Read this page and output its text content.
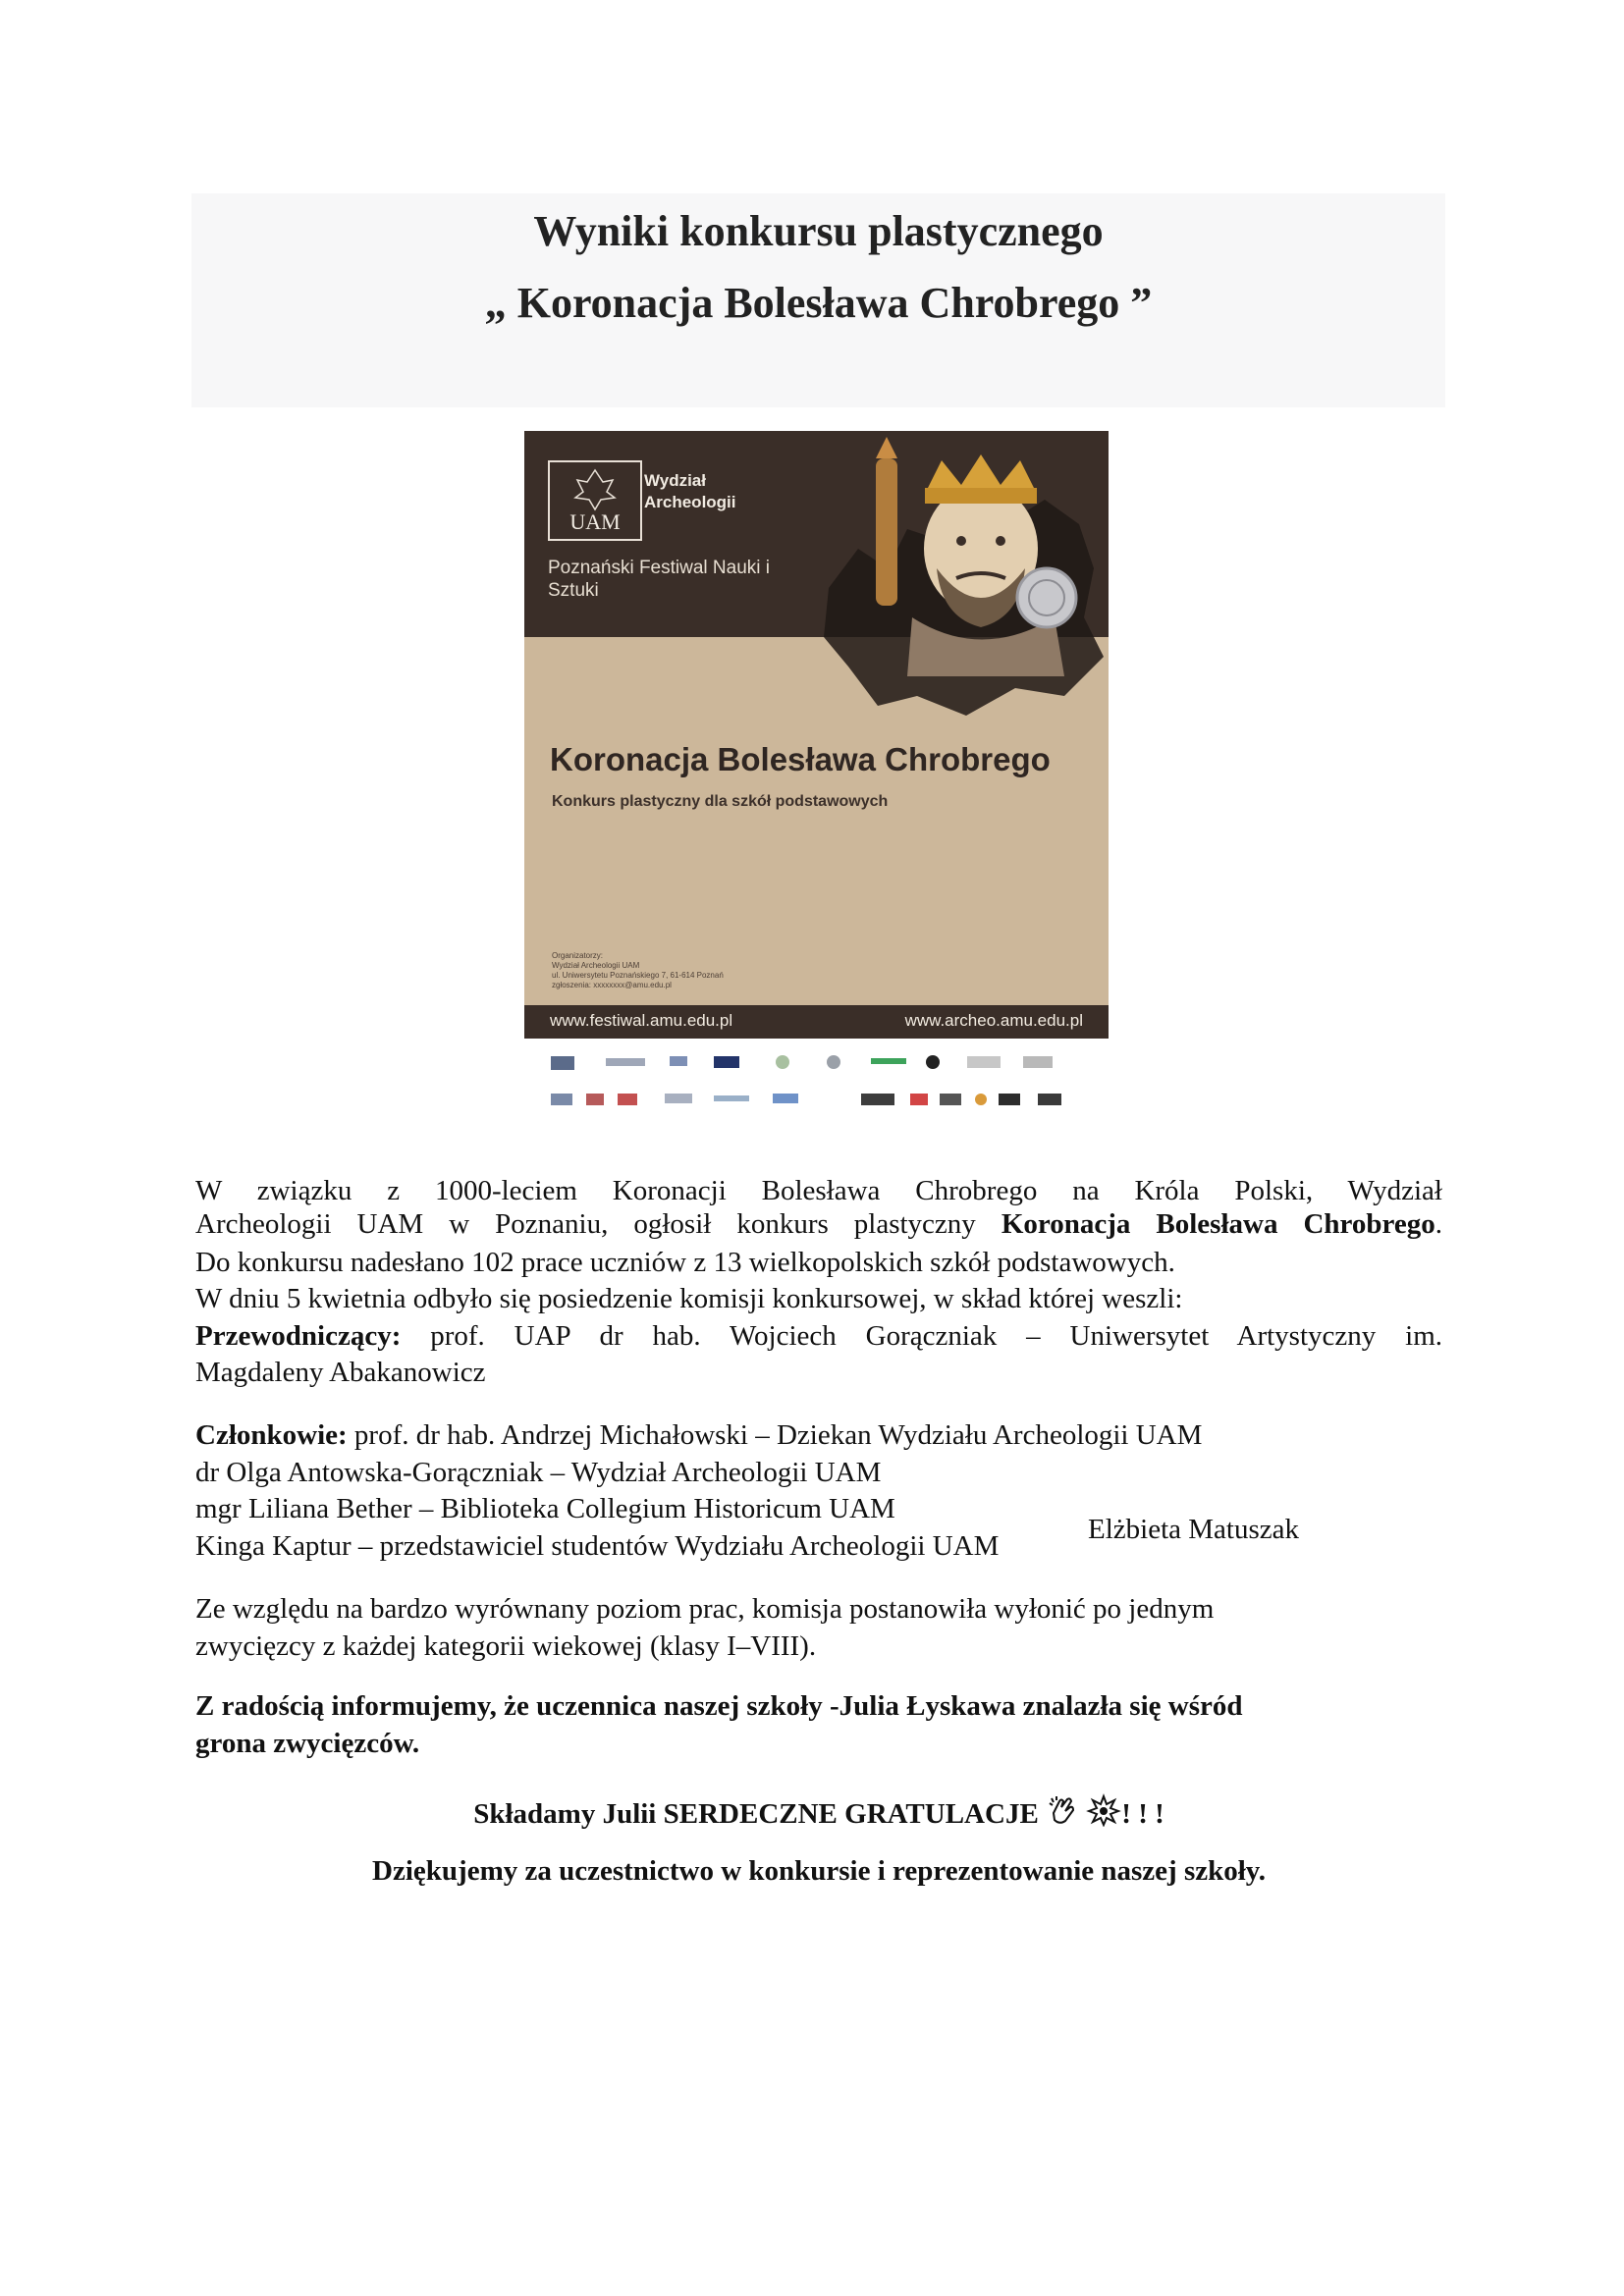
Wyniki konkursu plastycznego
„ Koronacja Bolesława Chrobrego ”
UAM
Wydział Archeologii
Poznański Festiwal Nauki i Sztuki
Koronacja Bolesława Chrobrego
Konkurs plastyczny dla szkół podstawowych
Organizatorzy:
Wydział Archeologii UAM
ul. Uniwersytetu Poznańskiego 7, 61-614 Poznań
zgłoszenia: xxxxxxxx@amu.edu.pl
www.festiwal.amu.edu.pl	www.archeo.amu.edu.pl
W związku z 1000-leciem Koronacji Bolesława Chrobrego na Króla Polski, Wydział
Archeologii UAM w Poznaniu, ogłosił konkurs plastyczny Koronacja Bolesława Chrobrego.
Do konkursu nadesłano 102 prace uczniów z 13 wielkopolskich szkół podstawowych.
W dniu 5 kwietnia odbyło się posiedzenie komisji konkursowej, w skład której weszli:
Przewodniczący: prof. UAP dr hab. Wojciech Gorączniak – Uniwersytet Artystyczny im.
Magdaleny Abakanowicz
Członkowie: prof. dr hab. Andrzej Michałowski – Dziekan Wydziału Archeologii UAM
dr Olga Antowska-Gorączniak – Wydział Archeologii UAM
mgr Liliana Bether – Biblioteka Collegium Historicum UAM
Kinga Kaptur – przedstawiciel studentów Wydziału Archeologii UAM
Ze względu na bardzo wyrównany poziom prac, komisja postanowiła wyłonić po jednym
zwycięzcy z każdej kategorii wiekowej (klasy I–VIII).
Z radością informujemy, że uczennica naszej szkoły -Julia Łyskawa znalazła się wśród
grona zwycięzców.
Składamy Julii SERDECZNE GRATULACJE	! ! !
Dziękujemy za uczestnictwo w konkursie i reprezentowanie naszej szkoły.
Elżbieta Matuszak
